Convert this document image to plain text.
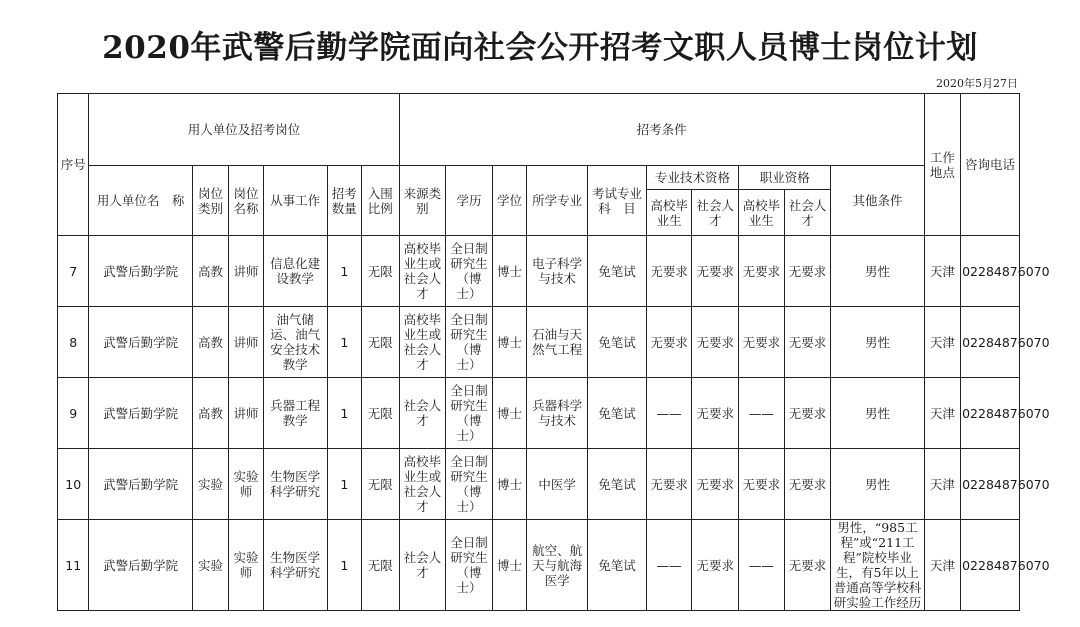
2020年武警后勤学院面向社会公开招考文职人员博士岗位计划
2020年5月27日
序号	用人单位及招考岗位						招考条件										工作地点	咨询电话
	用人单位名　称	岗位类别	岗位名称	从事工作	招考数量	入围比例	来源类别	学历	学位	所学专业	考试专业科　目	专业技术资格		职业资格		其他条件		
												高校毕业生	社会人才	高校毕业生	社会人才			
7	武警后勤学院	高教	讲师	信息化建设教学	1	无限	高校毕业生或社会人才	全日制研究生（博士）	博士	电子科学与技术	免笔试	无要求	无要求	无要求	无要求	男性	天津	02284876070
8	武警后勤学院	高教	讲师	油气储运、油气安全技术教学	1	无限	高校毕业生或社会人才	全日制研究生（博士）	博士	石油与天然气工程	免笔试	无要求	无要求	无要求	无要求	男性	天津	02284876070
9	武警后勤学院	高教	讲师	兵器工程教学	1	无限	社会人才	全日制研究生（博士）	博士	兵器科学与技术	免笔试	——	无要求	——	无要求	男性	天津	02284876070
10	武警后勤学院	实验	实验师	生物医学科学研究	1	无限	高校毕业生或社会人才	全日制研究生（博士）	博士	中医学	免笔试	无要求	无要求	无要求	无要求	男性	天津	02284876070
11	武警后勤学院	实验	实验师	生物医学科学研究	1	无限	社会人才	全日制研究生（博士）	博士	航空、航天与航海医学	免笔试	——	无要求	——	无要求	男性，“985工程”或“211工程”院校毕业生，有5年以上普通高等学校科研实验工作经历	天津	02284876070
